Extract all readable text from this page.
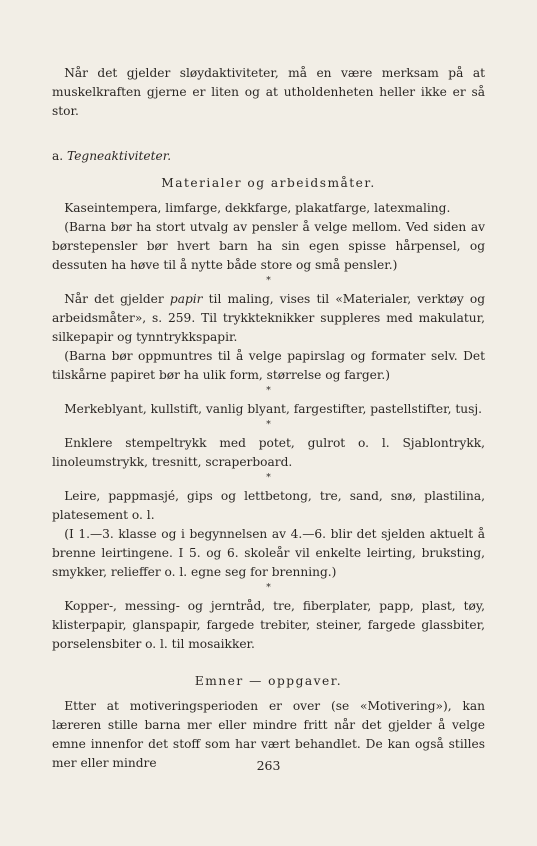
Når det gjelder sløydaktiviteter, må en være merksam på at muskelkraften gjerne er liten og at utholdenheten heller ikke er så stor.

a. Tegneaktiviteter.

Materialer og arbeidsmåter.

Kaseintempera, limfarge, dekkfarge, plakatfarge, latexmaling.

(Barna bør ha stort utvalg av pensler å velge mellom. Ved siden av børstepensler bør hvert barn ha sin egen spisse hårpensel, og dessuten ha høve til å nytte både store og små pensler.)

*

Når det gjelder papir til maling, vises til «Materialer, verktøy og arbeidsmåter», s. 259. Til trykkteknikker suppleres med makulatur, silkepapir og tynntrykkspapir.

(Barna bør oppmuntres til å velge papirslag og formater selv. Det tilskårne papiret bør ha ulik form, størrelse og farger.)

*

Merkeblyant, kullstift, vanlig blyant, fargestifter, pastellstifter, tusj.

*

Enklere stempeltrykk med potet, gulrot o. l. Sjablontrykk, linoleumstrykk, tresnitt, scraperboard.

*

Leire, pappmasjé, gips og lettbetong, tre, sand, snø, plastilina, platesement o. l.

(I 1.—3. klasse og i begynnelsen av 4.—6. blir det sjelden aktuelt å brenne leirtingene. I 5. og 6. skoleår vil enkelte leirting, bruksting, smykker, relieffer o. l. egne seg for brenning.)

*

Kopper-, messing- og jerntråd, tre, fiberplater, papp, plast, tøy, klisterpapir, glanspapir, fargede trebiter, steiner, fargede glassbiter, porselensbiter o. l. til mosaikker.

Emner — oppgaver.

Etter at motiveringsperioden er over (se «Motivering»), kan læreren stille barna mer eller mindre fritt når det gjelder å velge emne innenfor det stoff som har vært behandlet. De kan også stilles mer eller mindre	263
